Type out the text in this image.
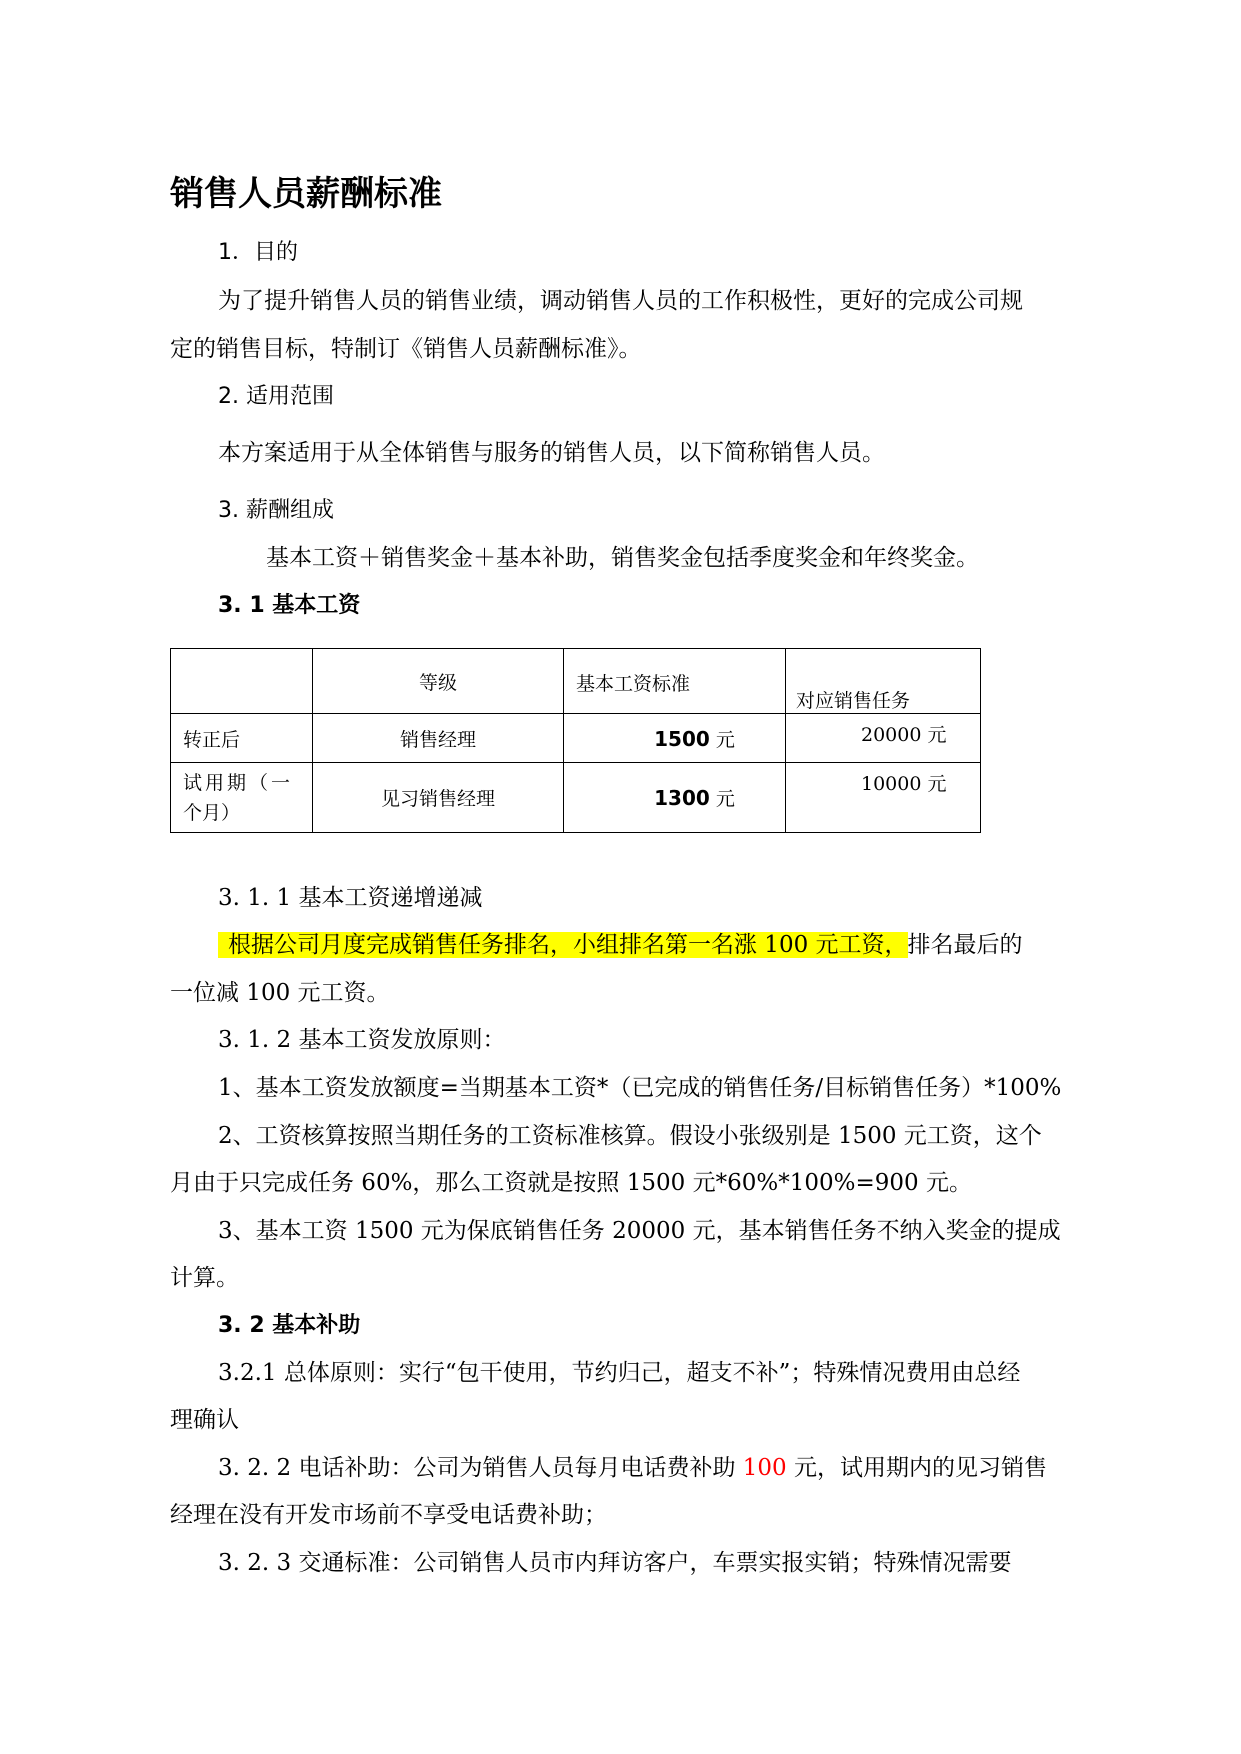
销售人员薪酬标准
1．目的
为了提升销售人员的销售业绩，调动销售人员的工作积极性，更好的完成公司规
定的销售目标，特制订《销售人员薪酬标准》。
2. 适用范围
本方案适用于从全体销售与服务的销售人员，以下简称销售人员。
3. 薪酬组成
基本工资＋销售奖金＋基本补助，销售奖金包括季度奖金和年终奖金。
3. 1 基本工资
	等级	基本工资标准	对应销售任务

转正后	销售经理	1500 元	20000 元

试用期（一
个月）	见习销售经理	1300 元	10000 元
3. 1. 1 基本工资递增递减
根据公司月度完成销售任务排名，小组排名第一名涨 100 元工资，排名最后的
一位减 100 元工资。
3. 1. 2 基本工资发放原则：
1、基本工资发放额度=当期基本工资*（已完成的销售任务/目标销售任务）*100%
2、工资核算按照当期任务的工资标准核算。假设小张级别是 1500 元工资，这个
月由于只完成任务 60%，那么工资就是按照 1500 元*60%*100%=900 元。
3、基本工资 1500 元为保底销售任务 20000 元，基本销售任务不纳入奖金的提成
计算。
3. 2 基本补助
3.2.1 总体原则：实行“包干使用，节约归己，超支不补”；特殊情况费用由总经
理确认
3. 2. 2 电话补助：公司为销售人员每月电话费补助 100 元，试用期内的见习销售
经理在没有开发市场前不享受电话费补助；
3. 2. 3 交通标准：公司销售人员市内拜访客户，车票实报实销；特殊情况需要
